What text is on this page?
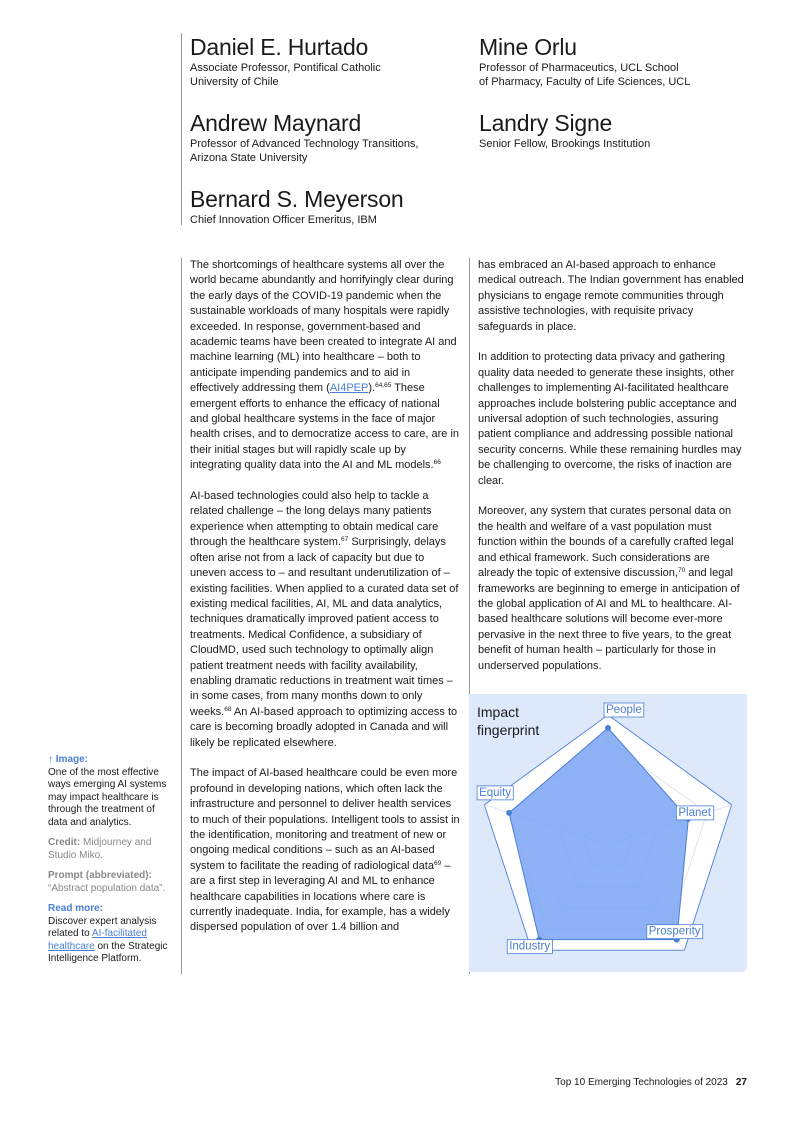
Daniel E. Hurtado
Associate Professor, Pontifical Catholic
University of Chile
Mine Orlu
Professor of Pharmaceutics, UCL School
of Pharmacy, Faculty of Life Sciences, UCL
Andrew Maynard
Professor of Advanced Technology Transitions,
Arizona State University
Landry Signe
Senior Fellow, Brookings Institution
Bernard S. Meyerson
Chief Innovation Officer Emeritus, IBM

The shortcomings of healthcare systems all over the world became abundantly and horrifyingly clear during the early days of the COVID-19 pandemic when the sustainable workloads of many hospitals were rapidly exceeded. In response, government-based and academic teams have been created to integrate AI and machine learning (ML) into healthcare – both to anticipate impending pandemics and to aid in effectively addressing them (AI4PEP).$^{64,65}$ These emergent efforts to enhance the efficacy of national and global healthcare systems in the face of major health crises, and to democratize access to care, are in their initial stages but will rapidly scale up by integrating quality data into the AI and ML models.$^{66}$

AI-based technologies could also help to tackle a related challenge – the long delays many patients experience when attempting to obtain medical care through the healthcare system.$^{67}$ Surprisingly, delays often arise not from a lack of capacity but due to uneven access to – and resultant underutilization of – existing facilities. When applied to a curated data set of existing medical facilities, AI, ML and data analytics, techniques dramatically improved patient access to treatments. Medical Confidence, a subsidiary of CloudMD, used such technology to optimally align patient treatment needs with facility availability, enabling dramatic reductions in treatment wait times – in some cases, from many months down to only weeks.$^{68}$ An AI-based approach to optimizing access to care is becoming broadly adopted in Canada and will likely be replicated elsewhere.

The impact of AI-based healthcare could be even more profound in developing nations, which often lack the infrastructure and personnel to deliver health services to much of their populations. Intelligent tools to assist in the identification, monitoring and treatment of new or ongoing medical conditions – such as an AI-based system to facilitate the reading of radiological data$^{69}$ – are a first step in leveraging AI and ML to enhance healthcare capabilities in locations where care is currently inadequate. India, for example, has a widely dispersed population of over 1.4 billion and

has embraced an AI-based approach to enhance medical outreach. The Indian government has enabled physicians to engage remote communities through assistive technologies, with requisite privacy safeguards in place.

In addition to protecting data privacy and gathering quality data needed to generate these insights, other challenges to implementing AI-facilitated healthcare approaches include bolstering public acceptance and universal adoption of such technologies, assuring patient compliance and addressing possible national security concerns. While these remaining hurdles may be challenging to overcome, the risks of inaction are clear.

Moreover, any system that curates personal data on the health and welfare of a vast population must function within the bounds of a carefully crafted legal and ethical framework. Such considerations are already the topic of extensive discussion,$^{70}$ and legal frameworks are beginning to emerge in anticipation of the global application of AI and ML to healthcare. AI-based healthcare solutions will become ever-more pervasive in the next three to five years, to the great benefit of human health – particularly for those in underserved populations.

↑ Image:
One of the most effective ways emerging AI systems may impact healthcare is through the treatment of data and analytics.
Credit: Midjourney and Studio Miko.
Prompt (abbreviated):
“Abstract population data”.
Read more:
Discover expert analysis related to AI-facilitated healthcare on the Strategic Intelligence Platform.
Impact fingerprint
People
Planet
Prosperity
Industry
Equity
Top 10 Emerging Technologies of 2023 27
